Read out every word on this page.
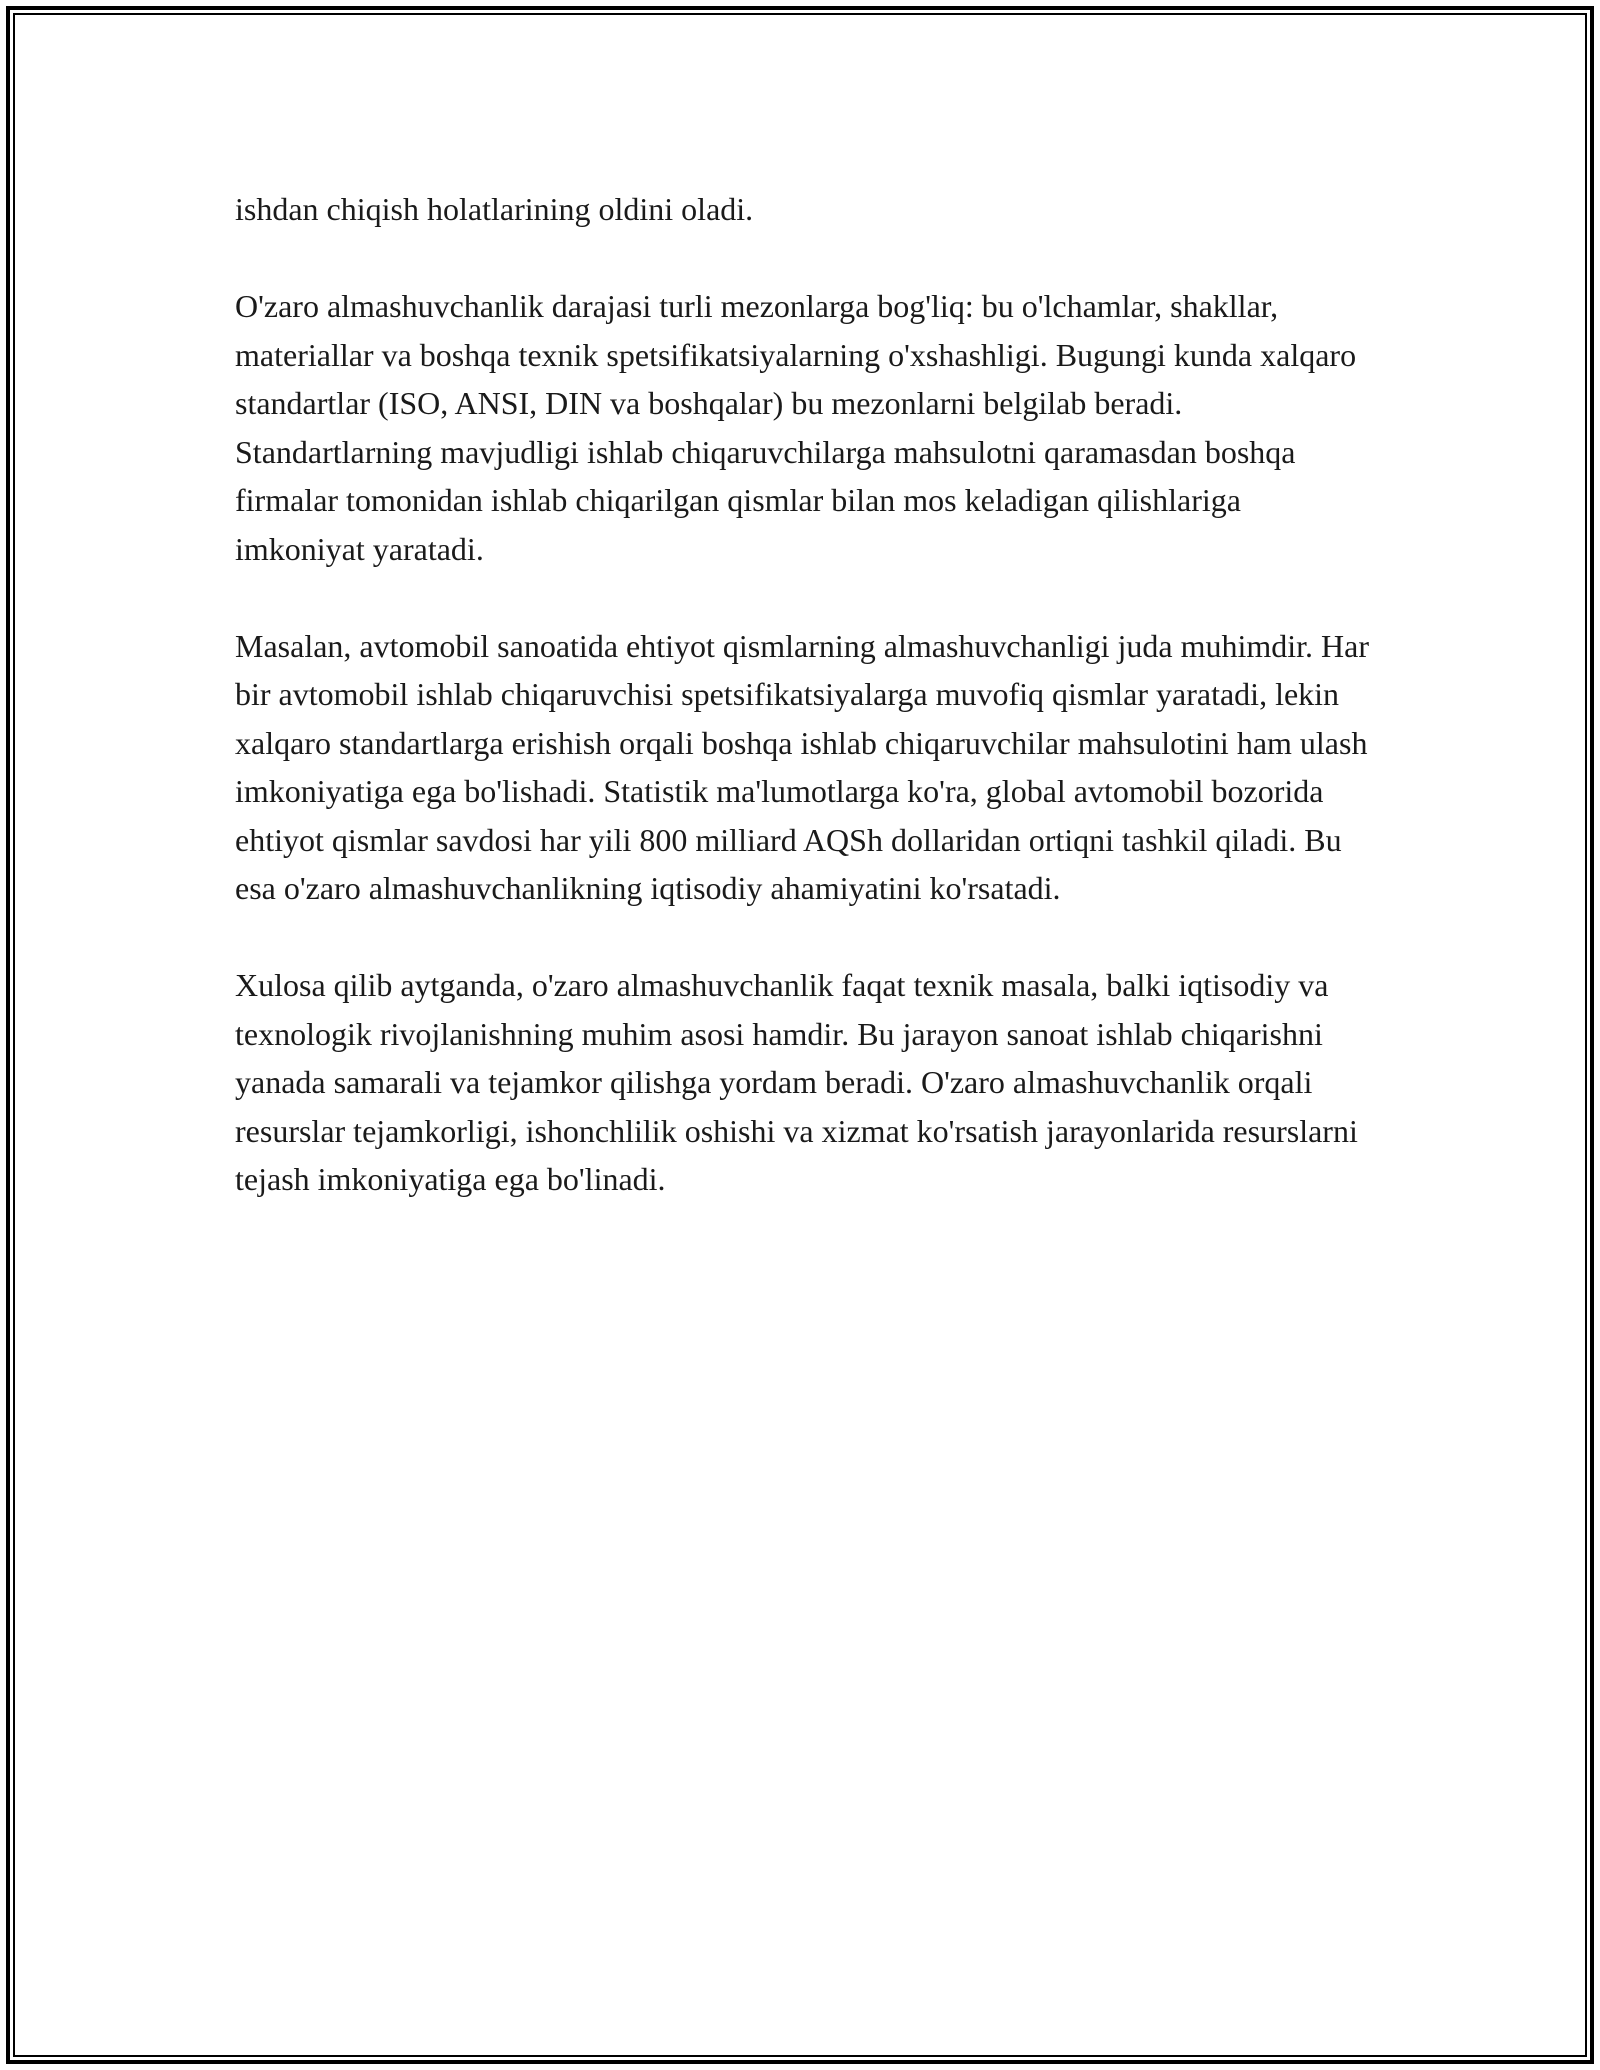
ishdan chiqish holatlarining oldini oladi.

O'zaro almashuvchanlik darajasi turli mezonlarga bog'liq: bu o'lchamlar, shakllar, materiallar va boshqa texnik spetsifikatsiyalarning o'xshashligi. Bugungi kunda xalqaro standartlar (ISO, ANSI, DIN va boshqalar) bu mezonlarni belgilab beradi. Standartlarning mavjudligi ishlab chiqaruvchilarga mahsulotni qaramasdan boshqa firmalar tomonidan ishlab chiqarilgan qismlar bilan mos keladigan qilishlariga imkoniyat yaratadi.

Masalan, avtomobil sanoatida ehtiyot qismlarning almashuvchanligi juda muhimdir. Har bir avtomobil ishlab chiqaruvchisi spetsifikatsiyalarga muvofiq qismlar yaratadi, lekin xalqaro standartlarga erishish orqali boshqa ishlab chiqaruvchilar mahsulotini ham ulash imkoniyatiga ega bo'lishadi. Statistik ma'lumotlarga ko'ra, global avtomobil bozorida ehtiyot qismlar savdosi har yili 800 milliard AQSh dollaridan ortiqni tashkil qiladi. Bu esa o'zaro almashuvchanlikning iqtisodiy ahamiyatini ko'rsatadi.

Xulosa qilib aytganda, o'zaro almashuvchanlik faqat texnik masala, balki iqtisodiy va texnologik rivojlanishning muhim asosi hamdir. Bu jarayon sanoat ishlab chiqarishni yanada samarali va tejamkor qilishga yordam beradi. O'zaro almashuvchanlik orqali resurslar tejamkorligi, ishonchlilik oshishi va xizmat ko'rsatish jarayonlarida resurslarni tejash imkoniyatiga ega bo'linadi.
